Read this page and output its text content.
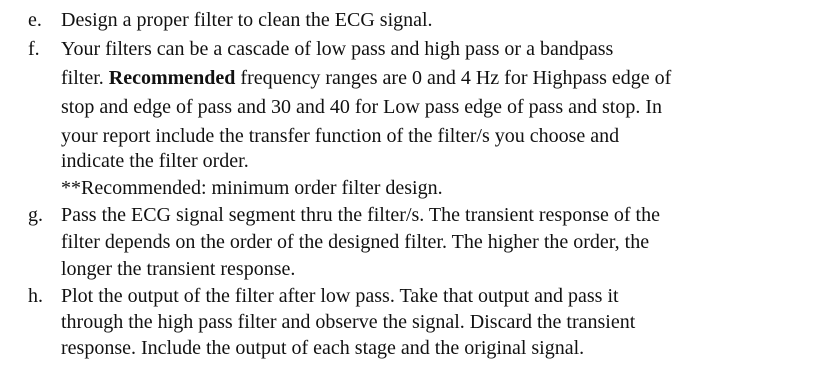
e. Design a proper filter to clean the ECG signal.
f. Your filters can be a cascade of low pass and high pass or a bandpass
filter. Recommended frequency ranges are 0 and 4 Hz for Highpass edge of
stop and edge of pass and 30 and 40 for Low pass edge of pass and stop. In
your report include the transfer function of the filter/s you choose and
indicate the filter order.
**Recommended: minimum order filter design.
g. Pass the ECG signal segment thru the filter/s. The transient response of the
filter depends on the order of the designed filter. The higher the order, the
longer the transient response.
h. Plot the output of the filter after low pass. Take that output and pass it
through the high pass filter and observe the signal. Discard the transient
response. Include the output of each stage and the original signal.
